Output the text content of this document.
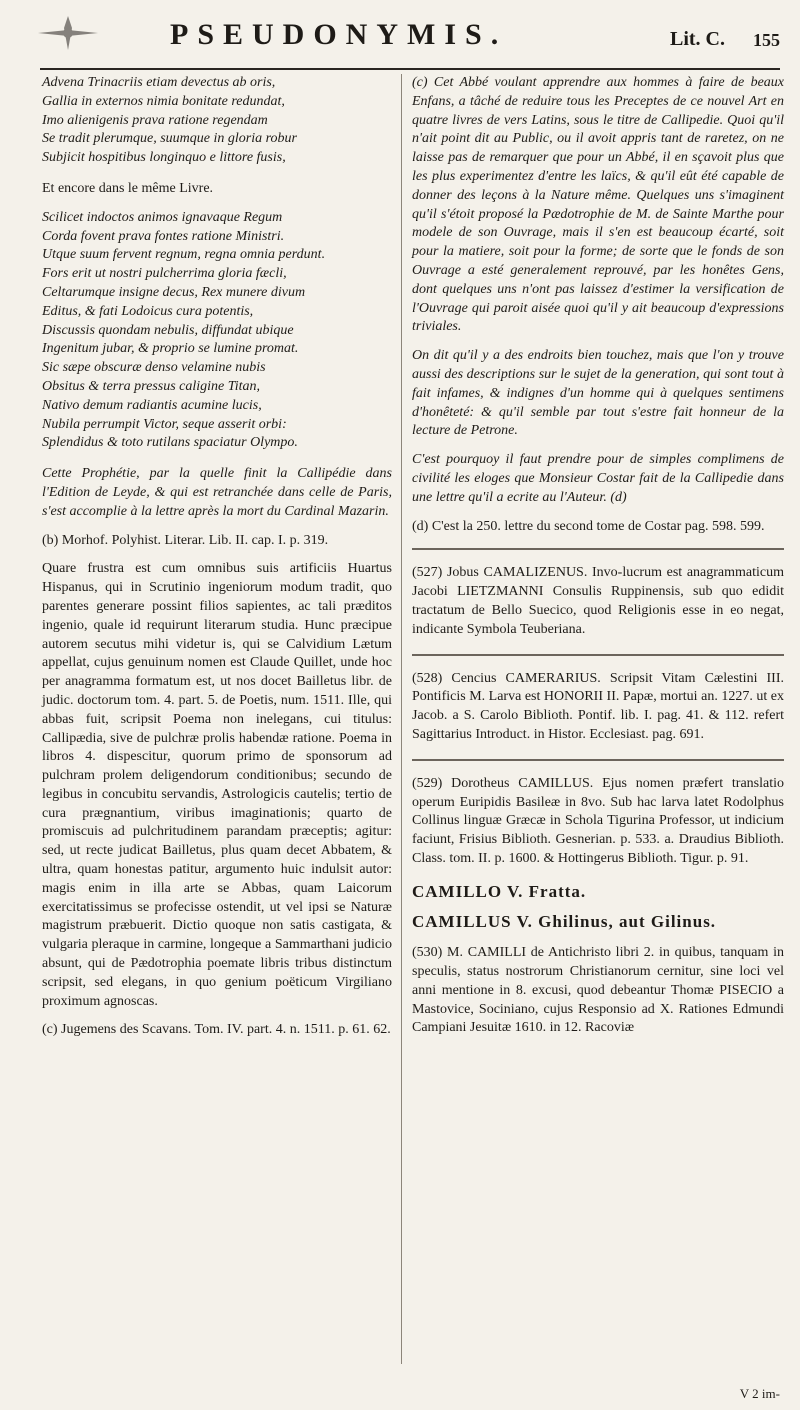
PSEUDONYMIS.	Lit. C. 155
Advena Trinacriis etiam devectus ab oris,
Gallia in externos nimia bonitate redundat,
Imo alienigenis prava ratione regendam
Se tradit plerumque, suumque in gloria robur
Subjicit hospitibus longinquo e littore fusis,

Et encore dans le même Livre.

Scilicet indoctos animos ignavaque Regum
Corda fovent prava fontes ratione Ministri.
Utque suum fervent regnum, regna omnia perdunt.
Fors erit ut nostri pulcherrima gloria fæcli,
Celtarumque insigne decus, Rex munere divum
Editus, & fati Lodoicus cura potentis,
Discussis quondam nebulis, diffundat ubique
Ingenitum jubar, & proprio se lumine promat.
Sic sæpe obscuræ denso velamine nubis
Obsitus & terra pressus caligine Titan,
Nativo demum radiantis acumine lucis,
Nubila perrumpit Victor, seque asserit orbi:
Splendidus & toto rutilans spaciatur Olympo.

Cette Prophétie, par la quelle finit la Callipédie dans l'Edition de Leyde, & qui est retranchée dans celle de Paris, s'est accomplie à la lettre après la mort du Cardinal Mazarin.

(b) Morhof. Polyhist. Literar. Lib. II. cap. I. p. 319.

Quare frustra est cum omnibus suis artificiis Huartus Hispanus, qui in Scrutinio ingeniorum modum tradit, quo parentes generare possint filios sapientes, ac tali præditos ingenio, quale id requirunt literarum studia. Hunc præcipue autorem secutus mihi videtur is, qui se Calvidium Lætum appellat, cujus genuinum nomen est Claude Quillet, unde hoc per anagramma formatum est, ut nos docet Bailletus libr. de judic. doctorum tom. 4. part. 5. de Poetis, num. 1511. Ille, qui abbas fuit, scripsit Poema non inelegans, cui titulus: Callipædia, sive de pulchræ prolis habendæ ratione. Poema in libros 4. dispescitur, quorum primo de sponsorum ad pulchram prolem deligendorum conditionibus; secundo de legibus in concubitu servandis, Astrologicis cautelis; tertio de cura prægnantium, viribus imaginationis; quarto de promiscuis ad pulchritudinem parandam præceptis; agitur: sed, ut recte judicat Bailletus, plus quam decet Abbatem, & ultra, quam honestas patitur, argumento huic indulsit autor: magis enim in illa arte se Abbas, quam Laicorum exercitatissimus se profecisse ostendit, ut vel ipsi se Naturæ magistrum præbuerit. Dictio quoque non satis castigata, & vulgaria pleraque in carmine, longeque a Sammarthani judicio absunt, qui de Pædotrophia poemate libris tribus distinctum scripsit, sed elegans, in quo genium poëticum Virgiliano proximum agnoscas.

(c) Jugemens des Scavans. Tom. IV. part. 4. n. 1511. p. 61. 62.

(c) Cet Abbé voulant apprendre aux hommes à faire de beaux Enfans, a tâché de reduire tous les Preceptes de ce nouvel Art en quatre livres de vers Latins, sous le titre de Callipedie. Quoi qu'il n'ait point dit au Public, ou il avoit appris tant de raretez, on ne laisse pas de remarquer que pour un Abbé, il en sçavoit plus que les plus experimentez d'entre les laïcs, & qu'il eût été capable de donner des leçons à la Nature même. Quelques uns s'imaginent qu'il s'étoit proposé la Pædotrophie de M. de Sainte Marthe pour modele de son Ouvrage, mais il s'en est beaucoup écarté, soit pour la matiere, soit pour la forme; de sorte que le fonds de son Ouvrage a esté generalement reprouvé, par les honêtes Gens, dont quelques uns n'ont pas laissez d'estimer la versification de l'Ouvrage qui paroit aisée quoi qu'il y ait beaucoup d'expressions triviales.

On dit qu'il y a des endroits bien touchez, mais que l'on y trouve aussi des descriptions sur le sujet de la generation, qui sont tout à fait infames, & indignes d'un homme qui à quelques sentimens d'honêteté: & qu'il semble par tout s'estre fait honneur de la lecture de Petrone.

C'est pourquoy il faut prendre pour de simples complimens de civilité les eloges que Monsieur Costar fait de la Callipedie dans une lettre qu'il a ecrite au l'Auteur. (d)

(d) C'est la 250. lettre du second tome de Costar pag. 598. 599.

(527) Jobus CAMALIZENUS. Invo-lucrum est anagrammaticum Jacobi LIETZMANNI Consulis Ruppinensis, sub quo edidit tractatum de Bello Suecico, quod Religionis esse in eo negat, indicante Symbola Teuberiana.

(528) Cencius CAMERARIUS. Scripsit Vitam Cælestini III. Pontificis M. Larva est HONORII II. Papæ, mortui an. 1227. ut ex Jacob. a S. Carolo Biblioth. Pontif. lib. I. pag. 41. & 112. refert Sagittarius Introduct. in Histor. Ecclesiast. pag. 691.

(529) Dorotheus CAMILLUS. Ejus nomen præfert translatio operum Euripidis Basileæ in 8vo. Sub hac larva latet Rodolphus Collinus linguæ Græcæ in Schola Tigurina Professor, ut indicium faciunt, Frisius Biblioth. Gesnerian. p. 533. a. Draudius Biblioth. Class. tom. II. p. 1600. & Hottingerus Biblioth. Tigur. p. 91.

CAMILLO V. Fratta.
CAMILLUS V. Ghilinus, aut Gilinus.

(530) M. CAMILLI de Antichristo libri 2. in quibus, tanquam in speculis, status nostrorum Christianorum cernitur, sine loci vel anni mentione in 8. excusi, quod debeantur Thomæ PISECIO a Mastovice, Sociniano, cujus Responsio ad X. Rationes Edmundi Campiani Jesuitæ 1610. in 12. Racoviæ

V 2 im-
